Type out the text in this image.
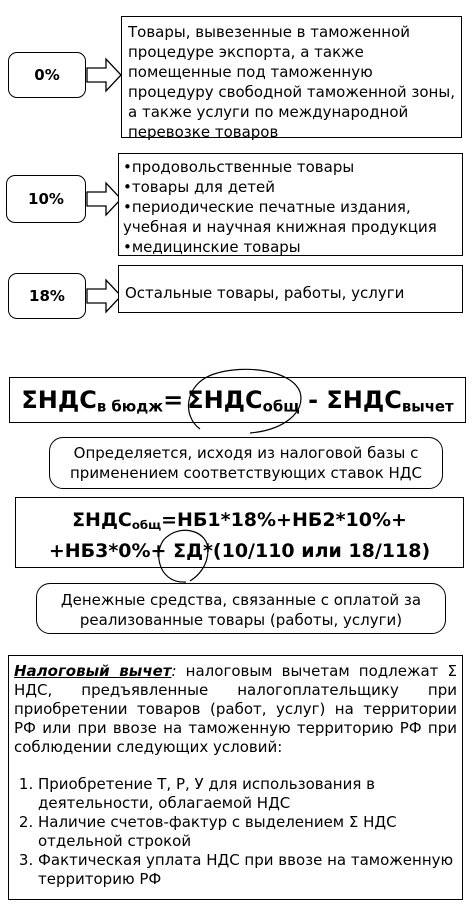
0%
Товары, вывезенные в таможенной процедуре экспорта, а также помещенные под таможенную процедуру свободной таможенной зоны, а также услуги по международной перевозке товаров
10%
• продовольственные товары
• товары для детей
• периодические печатные издания, учебная и научная книжная продукция
• медицинские товары
18%	Остальные товары, работы, услуги
$\Sigma НДС_{в бюдж}= \Sigma НДС_{общ} - \Sigma НДС_{вычет}$
Определяется, исходя из налоговой базы с применением соответствующих ставок НДС
$\Sigma НДС_{общ}=НБ1*18\%+НБ2*10\%+$
+НБ3*0%+ ΣД*(10/110 или 18/118)
Денежные средства, связанные с оплатой за реализованные товары (работы, услуги)
Налоговый вычет: налоговым вычетам подлежат Σ НДС, предъявленные налогоплательщику при приобретении товаров (работ, услуг) на территории РФ или при ввозе на таможенную территорию РФ при соблюдении следующих условий:
1. Приобретение Т, Р, У для использования в деятельности, облагаемой НДС
2. Наличие счетов-фактур с выделением Σ НДС отдельной строкой
3. Фактическая уплата НДС при ввозе на таможенную территорию РФ
